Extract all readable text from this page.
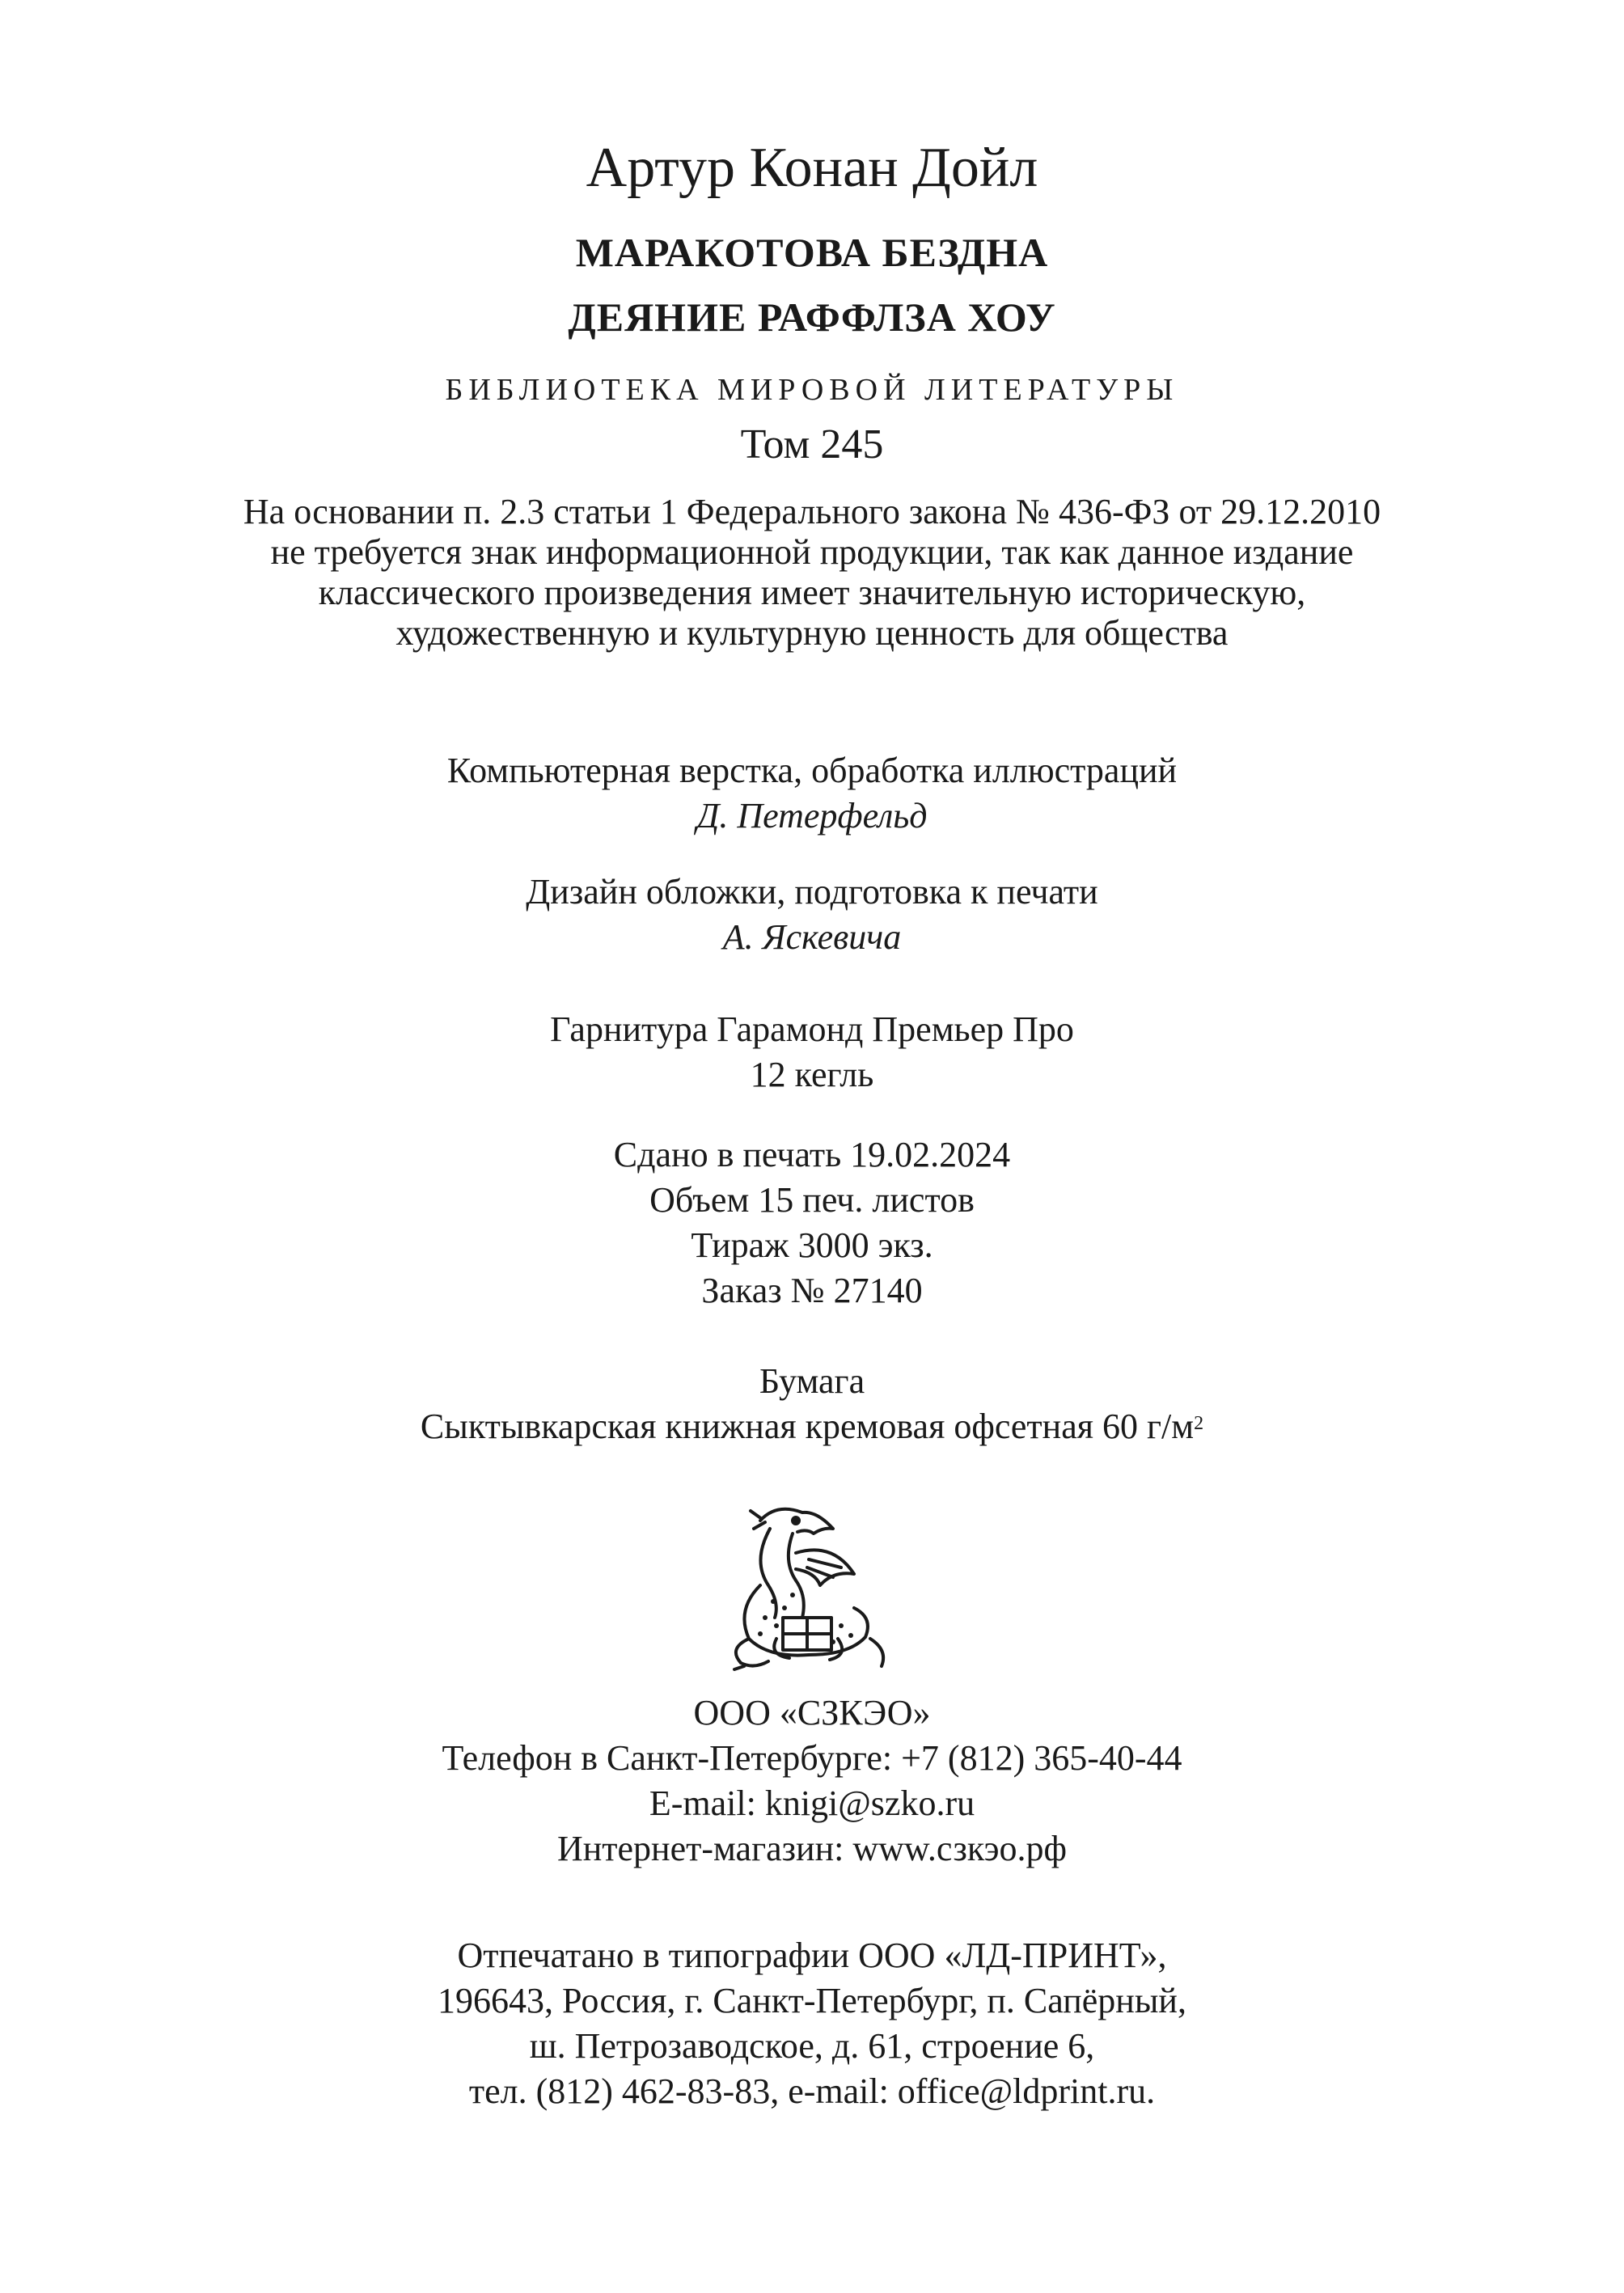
Артур Конан Дойл
МАРАКОТОВА БЕЗДНА
ДЕЯНИЕ РАФФЛЗА ХОУ
БИБЛИОТЕКА МИРОВОЙ ЛИТЕРАТУРЫ
Том 245
На основании п. 2.3 статьи 1 Федерального закона № 436-ФЗ от 29.12.2010
не требуется знак информационной продукции, так как данное издание
классического произведения имеет значительную историческую,
художественную и культурную ценность для общества
Компьютерная верстка, обработка иллюстраций
Д. Петерфельд
Дизайн обложки, подготовка к печати
А. Яскевича
Гарнитура Гарамонд Премьер Про
12 кегль
Сдано в печать 19.02.2024
Объем 15 печ. листов
Тираж 3000 экз.
Заказ № 27140
Бумага
Сыктывкарская книжная кремовая офсетная 60 $г/м^2$
ООО «СЗКЭО»
Телефон в Санкт-Петербурге: +7 (812) 365-40-44
E-mail: knigi@szko.ru
Интернет-магазин: www.сзкэо.рф
Отпечатано в типографии ООО «ЛД-ПРИНТ»,
196643, Россия, г. Санкт-Петербург, п. Сапёрный,
ш. Петрозаводское, д. 61, строение 6,
тел. (812) 462-83-83, e-mail: office@ldprint.ru.
